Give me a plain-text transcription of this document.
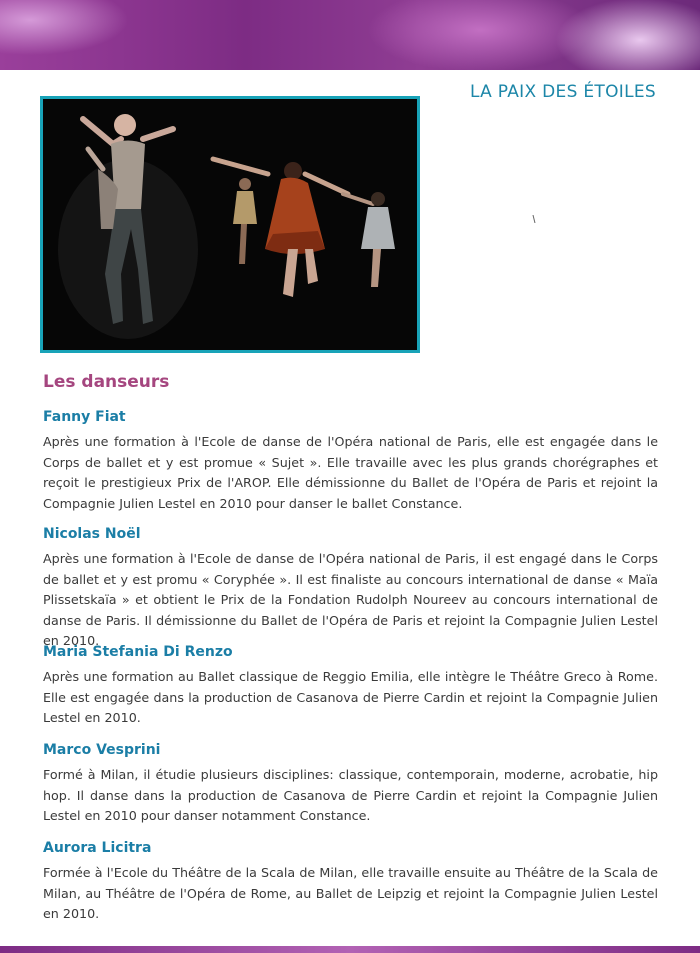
LA PAIX DES ÉTOILES
Les danseurs

Fanny Fiat

Après une formation à l'Ecole de danse de l'Opéra national de Paris, elle est engagée dans le Corps de ballet et y est promue « Sujet ». Elle travaille avec les plus grands chorégraphes et reçoit le prestigieux Prix de l'AROP. Elle démissionne du Ballet de l'Opéra de Paris et rejoint la Compagnie Julien Lestel en 2010 pour danser le ballet Constance.

Nicolas Noël

Après une formation à l'Ecole de danse de l'Opéra national de Paris, il est engagé dans le Corps de ballet et y est promu « Coryphée ». Il est finaliste au concours international de danse « Maïa Plissetskaïa » et obtient le Prix de la Fondation Rudolph Noureev au concours international de danse de Paris. Il démissionne du Ballet de l'Opéra de Paris et rejoint la Compagnie Julien Lestel en 2010.

Maria Stefania Di Renzo

Après une formation au Ballet classique de Reggio Emilia, elle intègre le Théâtre Greco à Rome. Elle est engagée dans la production de Casanova de Pierre Cardin et rejoint la Compagnie Julien Lestel en 2010.

Marco Vesprini

Formé à Milan, il étudie plusieurs disciplines: classique, contemporain, moderne, acrobatie, hip hop. Il danse dans la production de Casanova de Pierre Cardin et rejoint la Compagnie Julien Lestel en 2010 pour danser notamment Constance.

Aurora Licitra

Formée à l'Ecole du Théâtre de la Scala de Milan, elle travaille ensuite au Théâtre de la Scala de Milan, au Théâtre de l'Opéra de Rome, au Ballet de Leipzig et rejoint la Compagnie Julien Lestel en 2010.
